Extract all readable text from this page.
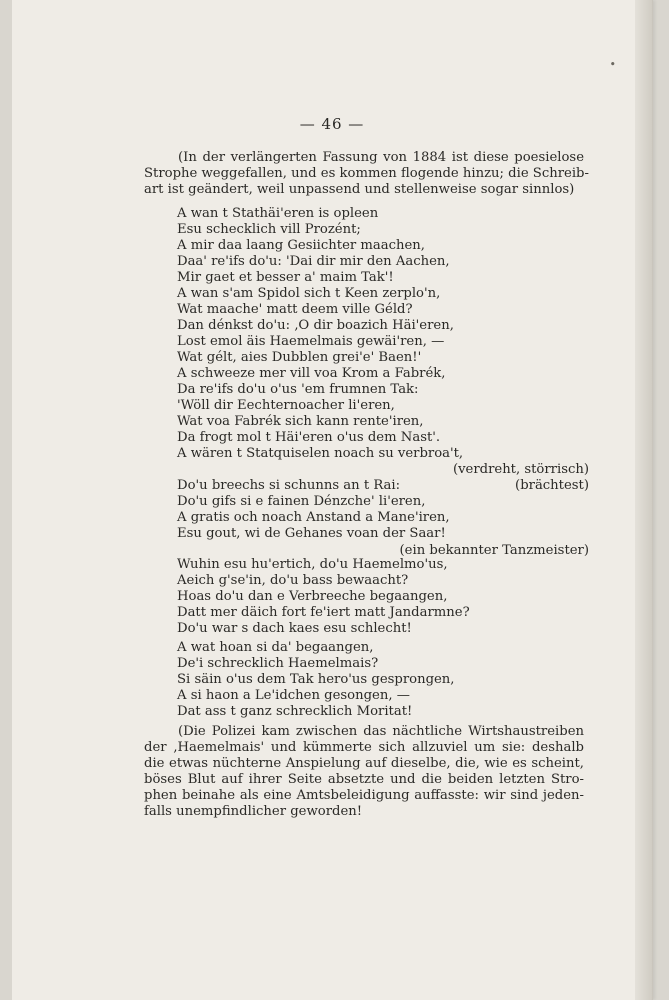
•
— 46 —
(In der verlängerten Fassung von 1884 ist diese poesielose
Strophe weggefallen, und es kommen flogende hinzu; die Schreib-
art ist geändert, weil unpassend und stellenweise sogar sinnlos)
A wan t Stathäi'eren is opleen
Esu schecklich vill Prozént;
A mir daa laang Gesiichter maachen,
Daa' re'ifs do'u: 'Dai dir mir den Aachen,
Mir gaet et besser a' maim Tak'!
A wan s'am Spidol sich t Keen zerplo'n,
Wat maache' matt deem ville Géld?
Dan dénkst do'u: ‚O dir boazich Häi'eren,
Lost emol äis Haemelmais gewäi'ren, —
Wat gélt, aies Dubblen grei'e' Baen!'
A schweeze mer vill voa Krom a Fabrék,
Da re'ifs do'u o'us 'em frumnen Tak:
'Wöll dir Eechternoacher li'eren,
Wat voa Fabrék sich kann rente'iren,
Da frogt mol t Häi'eren o'us dem Nast'.
A wären t Statquiselen noach su verbroa't,
(verdreht, störrisch)
Do'u breechs si schunns an t Rai:	(brächtest)
Do'u gifs si e fainen Dénzche' li'eren,
A gratis och noach Anstand a Mane'iren,
Esu gout, wi de Gehanes voan der Saar!
(ein bekannter Tanzmeister)
Wuhin esu hu'ertich, do'u Haemelmo'us,
Aeich g'se'in, do'u bass bewaacht?
Hoas do'u dan e Verbreeche begaangen,
Datt mer däich fort fe'iert matt Jandarmne?
Do'u war s dach kaes esu schlecht!
A wat hoan si da' begaangen,
De'i schrecklich Haemelmais?
Si säin o'us dem Tak hero'us gesprongen,
A si haon a Le'idchen gesongen, —
Dat ass t ganz schrecklich Moritat!
(Die Polizei kam zwischen das nächtliche Wirtshaustreiben
der ‚Haemelmais' und kümmerte sich allzuviel um sie: deshalb
die etwas nüchterne Anspielung auf dieselbe, die, wie es scheint,
böses Blut auf ihrer Seite absetzte und die beiden letzten Stro-
phen beinahe als eine Amtsbeleidigung auffasste: wir sind jeden-
falls unempfindlicher geworden!
